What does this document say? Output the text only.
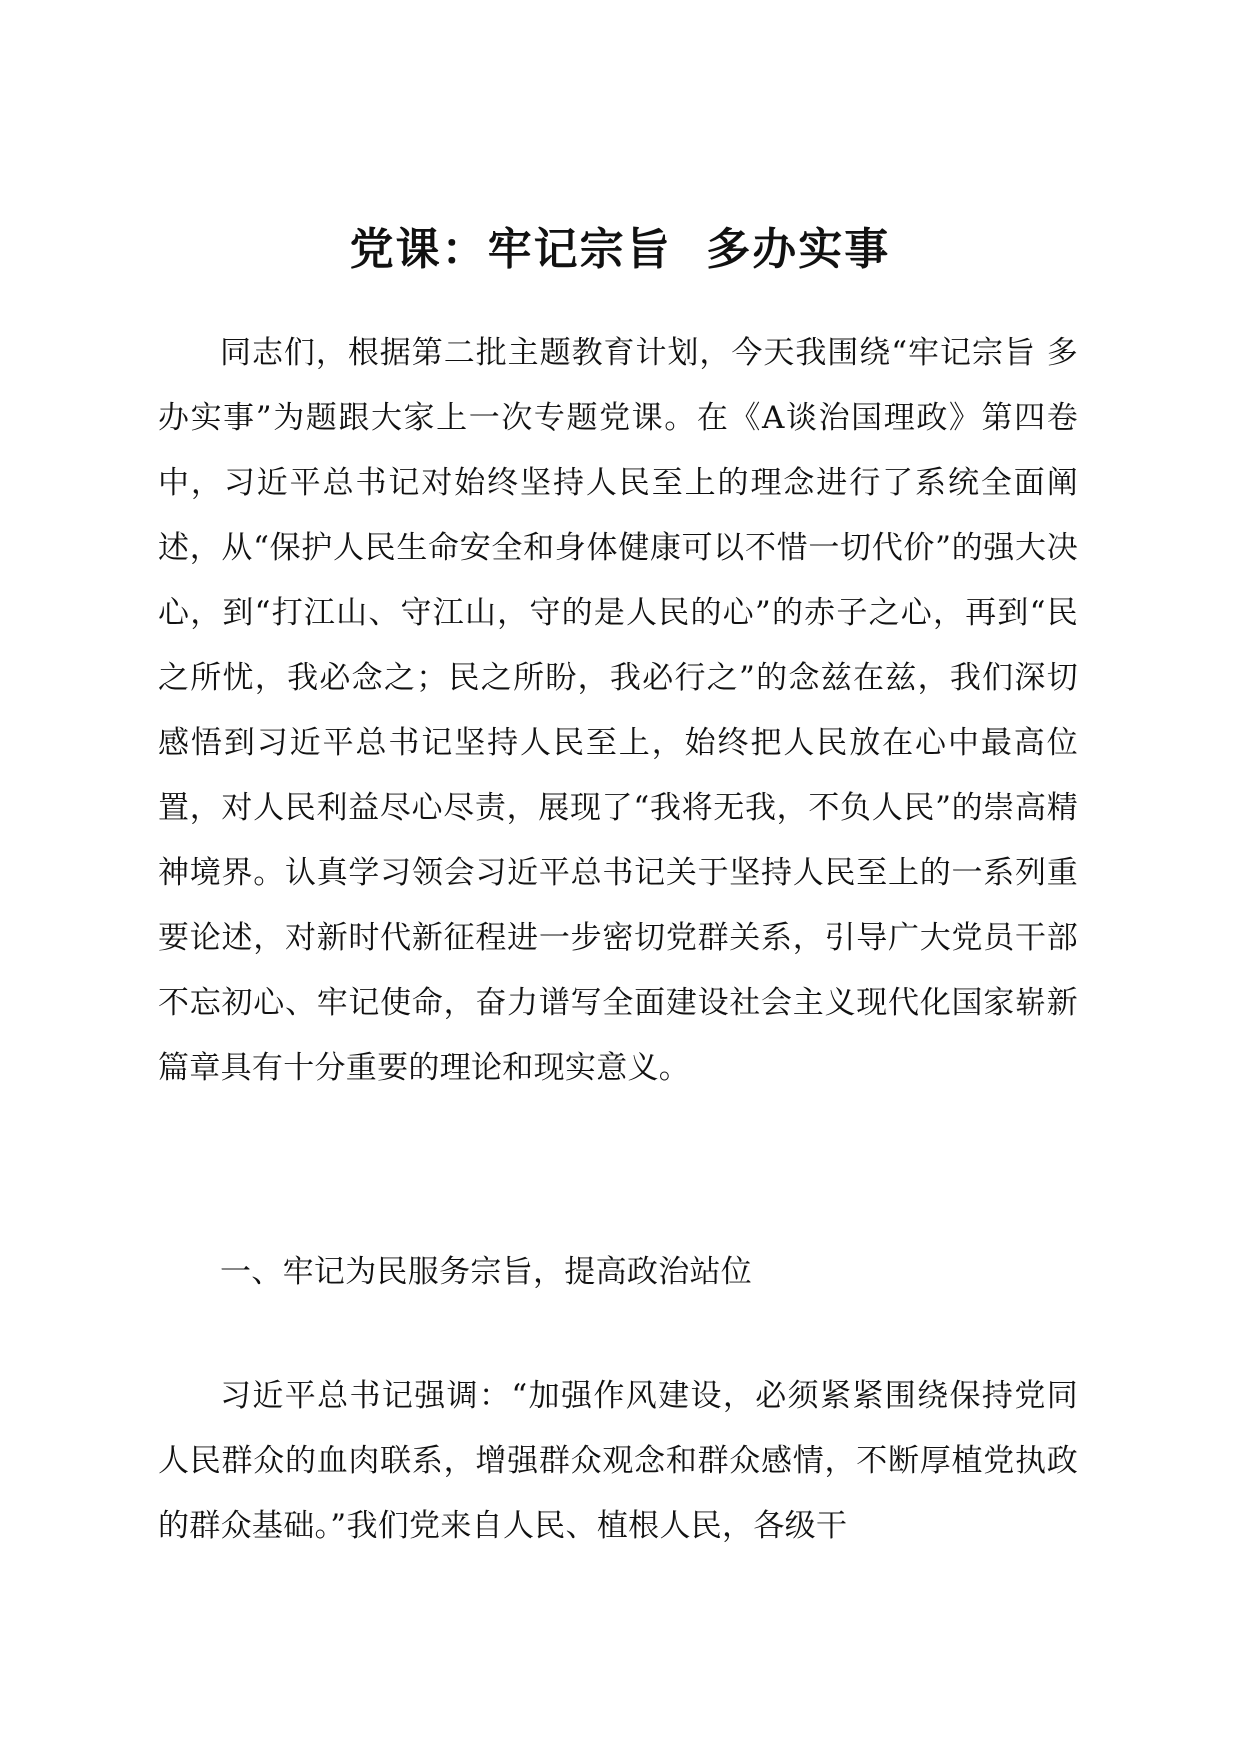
党课：牢记宗旨  多办实事

同志们，根据第二批主题教育计划，今天我围绕“牢记宗旨 多办实事”为题跟大家上一次专题党课。在《A谈治国理政》第四卷中，习近平总书记对始终坚持人民至上的理念进行了系统全面阐述，从“保护人民生命安全和身体健康可以不惜一切代价”的强大决心，到“打江山、守江山，守的是人民的心”的赤子之心，再到“民之所忧，我必念之；民之所盼，我必行之”的念兹在兹，我们深切感悟到习近平总书记坚持人民至上，始终把人民放在心中最高位置，对人民利益尽心尽责，展现了“我将无我，不负人民”的崇高精神境界。认真学习领会习近平总书记关于坚持人民至上的一系列重要论述，对新时代新征程进一步密切党群关系，引导广大党员干部不忘初心、牢记使命，奋力谱写全面建设社会主义现代化国家崭新篇章具有十分重要的理论和现实意义。

一、牢记为民服务宗旨，提高政治站位

习近平总书记强调：“加强作风建设，必须紧紧围绕保持党同人民群众的血肉联系，增强群众观念和群众感情，不断厚植党执政的群众基础。”我们党来自人民、植根人民，各级干
